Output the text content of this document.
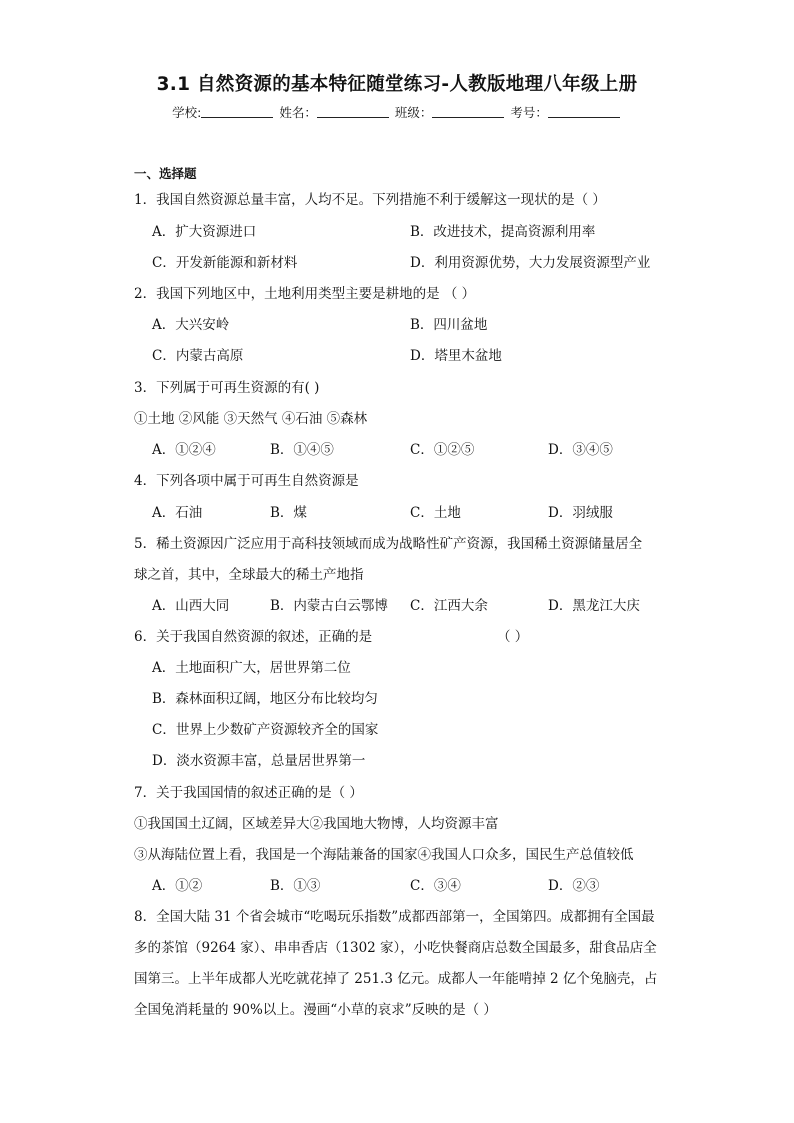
3.1 自然资源的基本特征随堂练习-人教版地理八年级上册
学校:	姓名：	班级：	考号：
一、选择题
1．我国自然资源总量丰富，人均不足。下列措施不利于缓解这一现状的是（ ）
A．扩大资源进口	B．改进技术，提高资源利用率
C．开发新能源和新材料	D．利用资源优势，大力发展资源型产业
2．我国下列地区中，土地利用类型主要是耕地的是 （ ）
A．大兴安岭	B．四川盆地
C．内蒙古高原	D．塔里木盆地
3．下列属于可再生资源的有( )
①土地 ②风能 ③天然气 ④石油 ⑤森林
A．①②④	B．①④⑤	C．①②⑤	D．③④⑤
4．下列各项中属于可再生自然资源是
A．石油	B．煤	C．土地	D．羽绒服
5．稀土资源因广泛应用于高科技领域而成为战略性矿产资源，我国稀土资源储量居全
球之首，其中，全球最大的稀土产地指
A．山西大同	B．内蒙古白云鄂博 C．江西大余	D．黑龙江大庆
6．关于我国自然资源的叙述，正确的是	（ ）
A．土地面积广大，居世界第二位
B．森林面积辽阔，地区分布比较均匀
C．世界上少数矿产资源较齐全的国家
D．淡水资源丰富，总量居世界第一
7．关于我国国情的叙述正确的是（ ）
①我国国土辽阔，区域差异大②我国地大物博，人均资源丰富
③从海陆位置上看，我国是一个海陆兼备的国家④我国人口众多，国民生产总值较低
A．①②	B．①③	C．③④	D．②③
8．全国大陆 31 个省会城市“吃喝玩乐指数”成都西部第一，全国第四。成都拥有全国最
多的茶馆（9264 家）、串串香店（1302 家），小吃快餐商店总数全国最多，甜食品店全
国第三。上半年成都人光吃就花掉了 251.3 亿元。成都人一年能啃掉 2 亿个兔脑壳，占
全国兔消耗量的 90%以上。漫画“小草的哀求”反映的是（ ）
